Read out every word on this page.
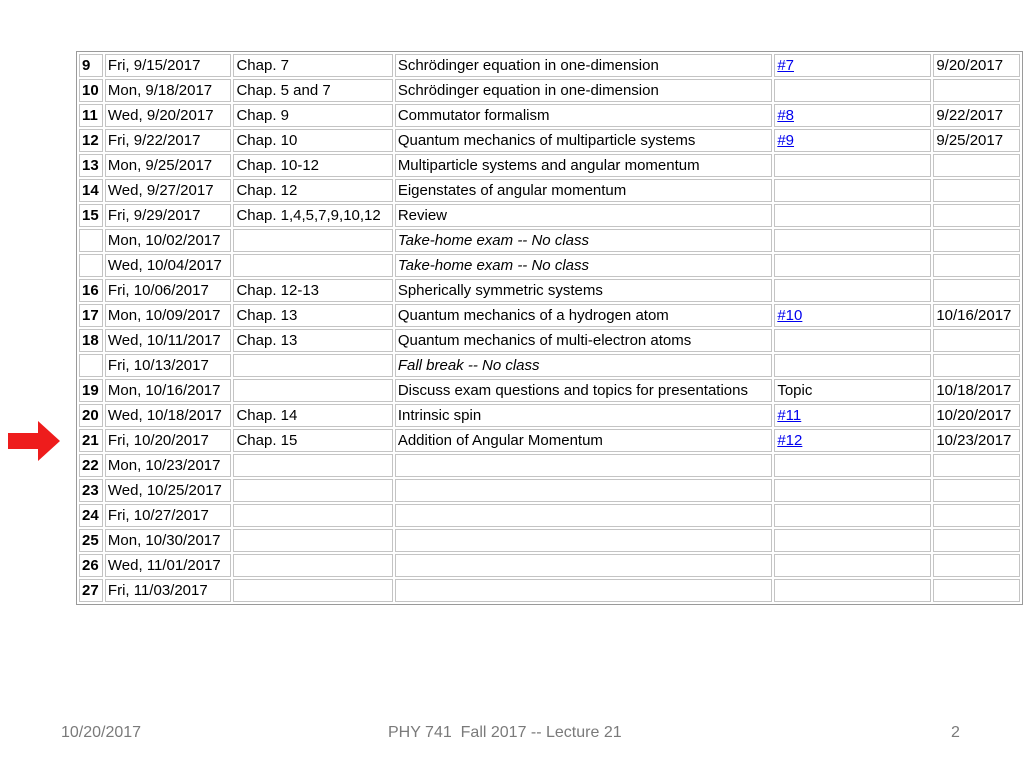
9	Fri, 9/15/2017	Chap. 7	Schrödinger equation in one-dimension	#7	9/20/2017
10	Mon, 9/18/2017	Chap. 5 and 7	Schrödinger equation in one-dimension		
11	Wed, 9/20/2017	Chap. 9	Commutator formalism	#8	9/22/2017
12	Fri, 9/22/2017	Chap. 10	Quantum mechanics of multiparticle systems	#9	9/25/2017
13	Mon, 9/25/2017	Chap. 10-12	Multiparticle systems and angular momentum		
14	Wed, 9/27/2017	Chap. 12	Eigenstates of angular momentum		
15	Fri, 9/29/2017	Chap. 1,4,5,7,9,10,12	Review		
	Mon, 10/02/2017		Take-home exam -- No class		
	Wed, 10/04/2017		Take-home exam -- No class		
16	Fri, 10/06/2017	Chap. 12-13	Spherically symmetric systems		
17	Mon, 10/09/2017	Chap. 13	Quantum mechanics of a hydrogen atom	#10	10/16/2017
18	Wed, 10/11/2017	Chap. 13	Quantum mechanics of multi-electron atoms		
	Fri, 10/13/2017		Fall break -- No class		
19	Mon, 10/16/2017		Discuss exam questions and topics for presentations	Topic	10/18/2017
20	Wed, 10/18/2017	Chap. 14	Intrinsic spin	#11	10/20/2017
21	Fri, 10/20/2017	Chap. 15	Addition of Angular Momentum	#12	10/23/2017
22	Mon, 10/23/2017				
23	Wed, 10/25/2017				
24	Fri, 10/27/2017				
25	Mon, 10/30/2017				
26	Wed, 11/01/2017				
27	Fri, 11/03/2017				
10/20/2017	PHY 741  Fall 2017 -- Lecture 21	2
